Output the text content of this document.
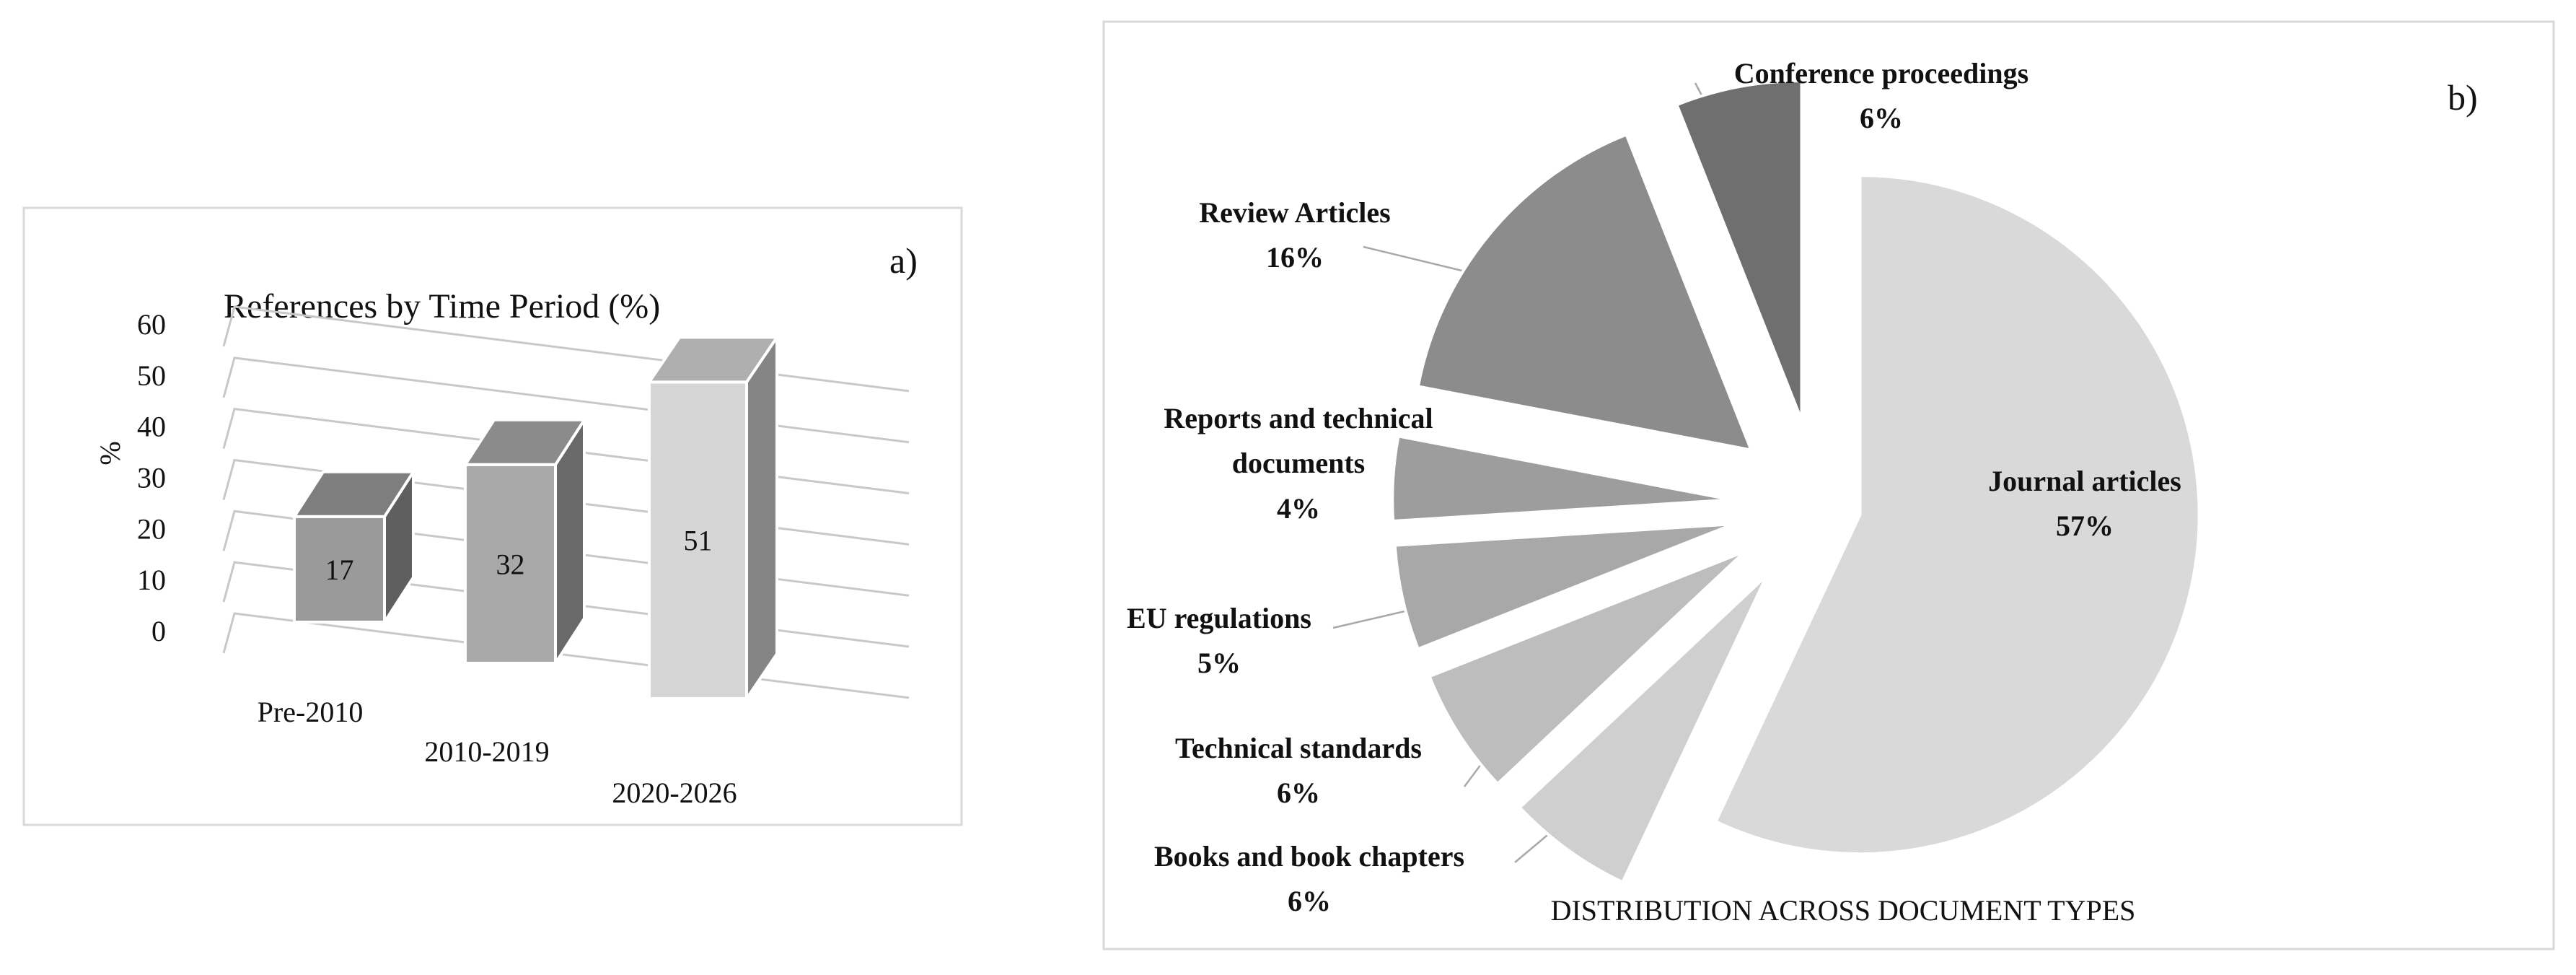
a)
References by Time Period (%)
%
0
10
20
30
40
50
60
17	32
51
Pre-2010
2010-2019
2020-2026
b)
Journal articles
57%
Books and book chapters
6%
Technical standards
6%
EU regulations
5%
Reports and technical documents
4%
Review Articles
16%
Conference proceedings
6%
DISTRIBUTION ACROSS DOCUMENT TYPES
